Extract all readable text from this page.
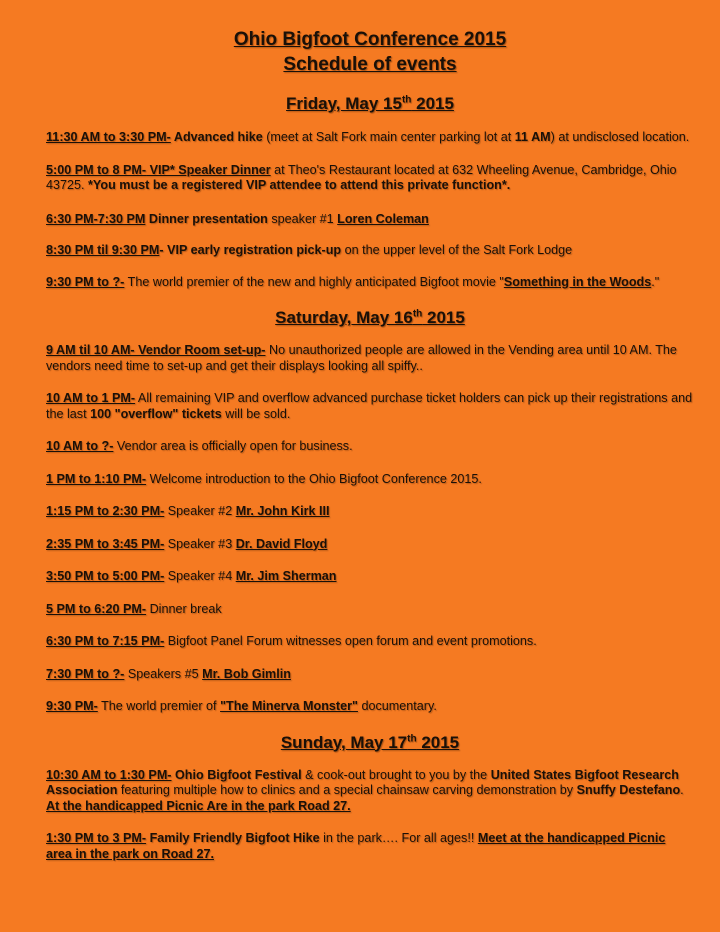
Ohio Bigfoot Conference 2015
Schedule of events
Friday, May 15th 2015

11:30 AM to 3:30 PM- Advanced hike (meet at Salt Fork main center parking lot at 11 AM) at undisclosed location.

5:00 PM to 8 PM- VIP* Speaker Dinner at Theo's Restaurant located at 632 Wheeling Avenue, Cambridge, Ohio 43725. *You must be a registered VIP attendee to attend this private function*.

6:30 PM-7:30 PM Dinner presentation speaker #1 Loren Coleman

8:30 PM til 9:30 PM- VIP early registration pick-up on the upper level of the Salt Fork Lodge

9:30 PM to ?- The world premier of the new and highly anticipated Bigfoot movie "Something in the Woods."

Saturday, May 16th 2015

9 AM til 10 AM- Vendor Room set-up- No unauthorized people are allowed in the Vending area until 10 AM. The vendors need time to set-up and get their displays looking all spiffy..

10 AM to 1 PM- All remaining VIP and overflow advanced purchase ticket holders can pick up their registrations and the last 100 "overflow" tickets will be sold.

10 AM to ?- Vendor area is officially open for business.

1 PM to 1:10 PM- Welcome introduction to the Ohio Bigfoot Conference 2015.

1:15 PM to 2:30 PM- Speaker #2 Mr. John Kirk III

2:35 PM to 3:45 PM- Speaker #3 Dr. David Floyd

3:50 PM to 5:00 PM- Speaker #4 Mr. Jim Sherman

5 PM to 6:20 PM- Dinner break

6:30 PM to 7:15 PM- Bigfoot Panel Forum witnesses open forum and event promotions.

7:30 PM to ?- Speakers #5 Mr. Bob Gimlin

9:30 PM- The world premier of "The Minerva Monster" documentary.

Sunday, May 17th 2015

10:30 AM to 1:30 PM- Ohio Bigfoot Festival & cook-out brought to you by the United States Bigfoot Research Association featuring multiple how to clinics and a special chainsaw carving demonstration by Snuffy Destefano. At the handicapped Picnic Are in the park Road 27.

1:30 PM to 3 PM- Family Friendly Bigfoot Hike in the park…. For all ages!! Meet at the handicapped Picnic area in the park on Road 27.
